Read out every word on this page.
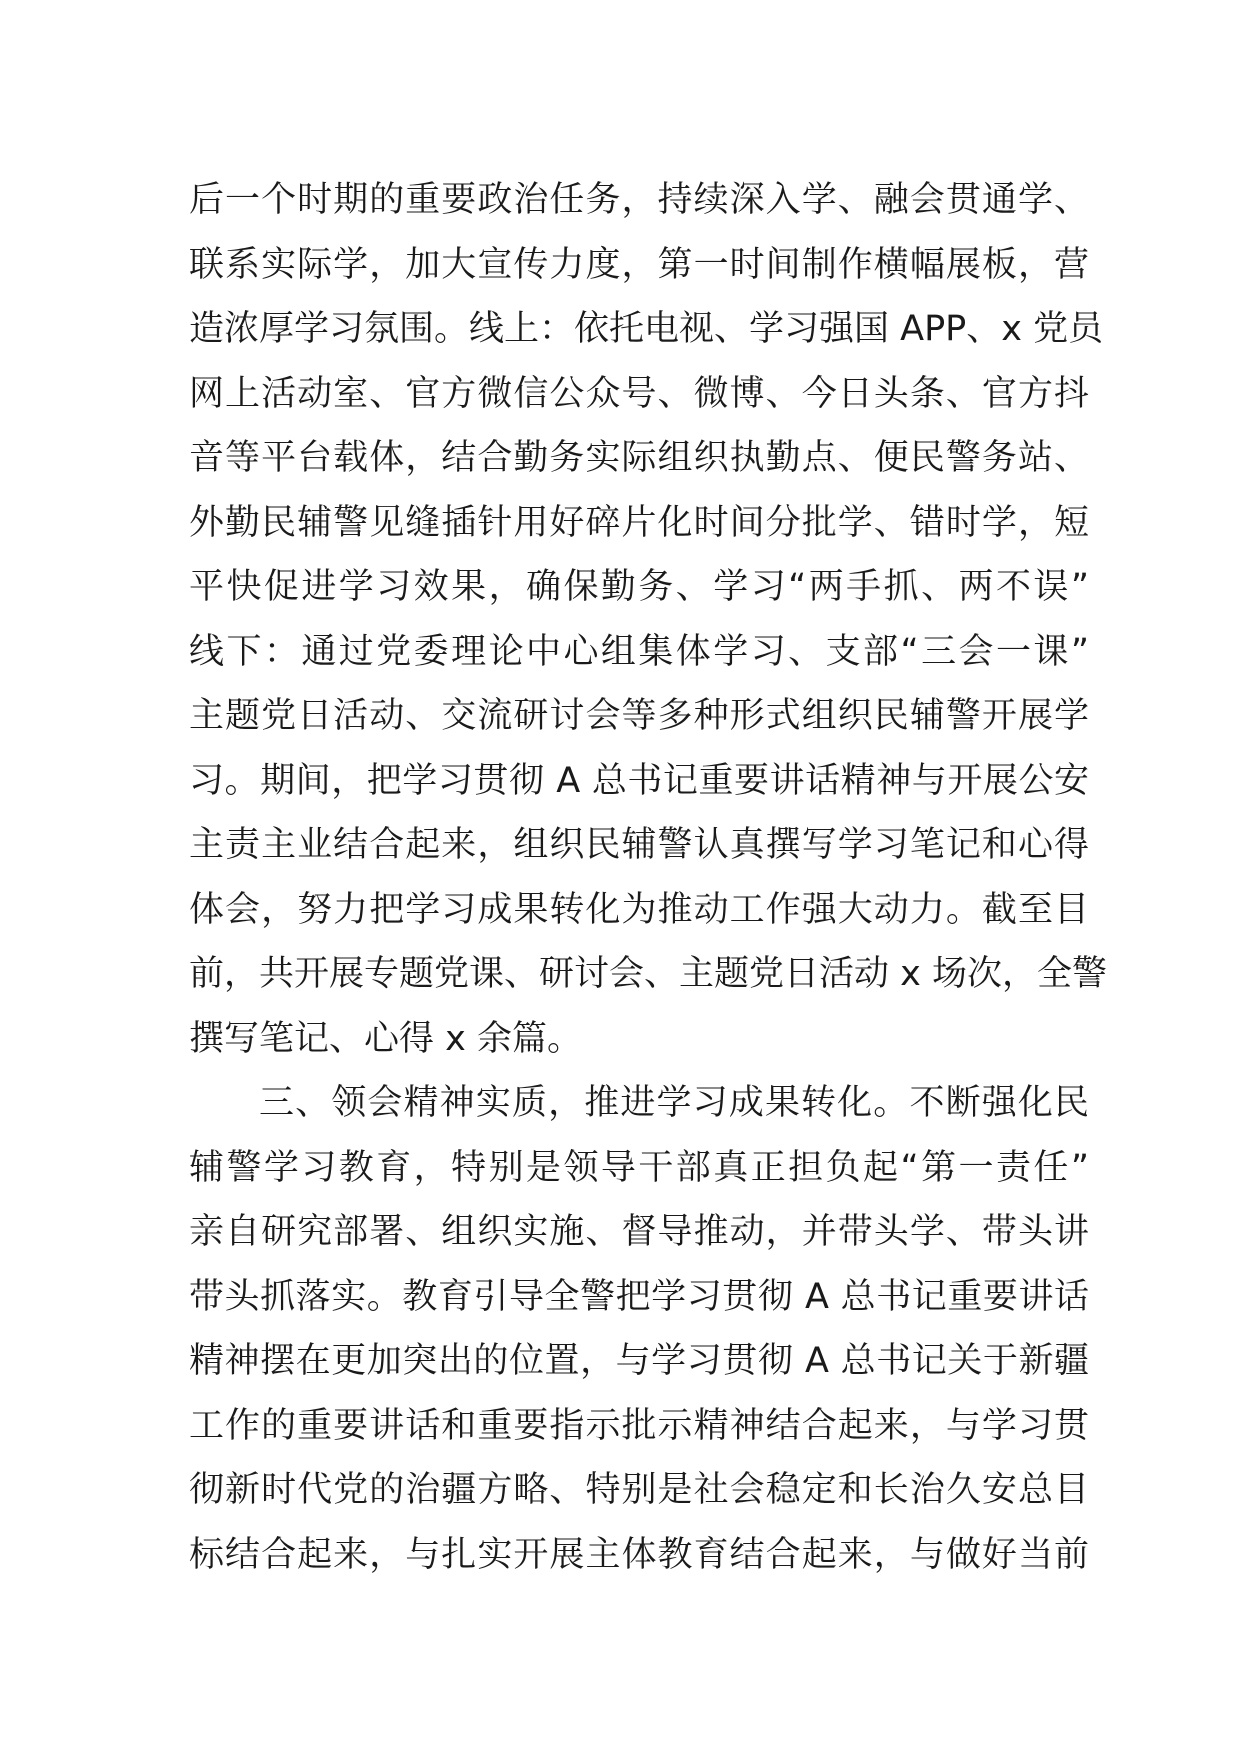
后一个时期的重要政治任务，持续深入学、融会贯通学、
联系实际学，加大宣传力度，第一时间制作横幅展板，营
造浓厚学习氛围。线上：依托电视、学习强国 APP、x 党员
网上活动室、官方微信公众号、微博、今日头条、官方抖
音等平台载体，结合勤务实际组织执勤点、便民警务站、
外勤民辅警见缝插针用好碎片化时间分批学、错时学，短
平快促进学习效果，确保勤务、学习“两手抓、两不误”
线下：通过党委理论中心组集体学习、支部“三会一课”
主题党日活动、交流研讨会等多种形式组织民辅警开展学
习。期间，把学习贯彻 A 总书记重要讲话精神与开展公安
主责主业结合起来，组织民辅警认真撰写学习笔记和心得
体会，努力把学习成果转化为推动工作强大动力。截至目
前，共开展专题党课、研讨会、主题党日活动 x 场次，全警
撰写笔记、心得 x 余篇。
三、领会精神实质，推进学习成果转化。不断强化民
辅警学习教育，特别是领导干部真正担负起“第一责任”
亲自研究部署、组织实施、督导推动，并带头学、带头讲
带头抓落实。教育引导全警把学习贯彻 A 总书记重要讲话
精神摆在更加突出的位置，与学习贯彻 A 总书记关于新疆
工作的重要讲话和重要指示批示精神结合起来，与学习贯
彻新时代党的治疆方略、特别是社会稳定和长治久安总目
标结合起来，与扎实开展主体教育结合起来，与做好当前
